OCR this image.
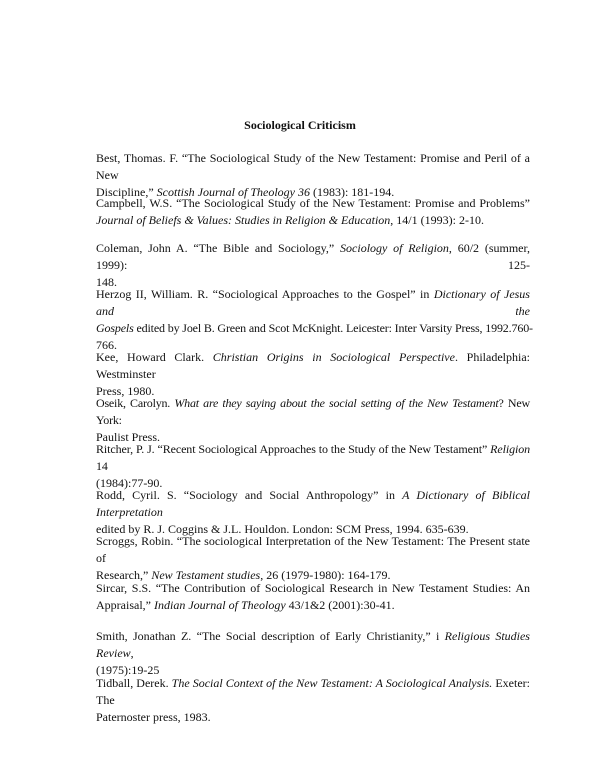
Sociological Criticism
Best, Thomas. F. “The Sociological Study of the New Testament: Promise and Peril of a New
Discipline,” Scottish Journal of Theology 36 (1983): 181-194.
Campbell, W.S. “The Sociological Study of the New Testament: Promise and Problems”
Journal of Beliefs & Values: Studies in Religion & Education, 14/1 (1993): 2-10.
Coleman, John A. “The Bible and Sociology,” Sociology of Religion, 60/2 (summer, 1999): 125-
148.
Herzog II, William. R. “Sociological Approaches to the Gospel” in Dictionary of Jesus and the
Gospels edited by Joel B. Green and Scot McKnight. Leicester: Inter Varsity Press, 1992.760-
766.
Kee, Howard Clark. Christian Origins in Sociological Perspective. Philadelphia: Westminster
Press, 1980.
Oseik, Carolyn. What are they saying about the social setting of the New Testament? New York:
Paulist Press.
Ritcher, P. J. “Recent Sociological Approaches to the Study of the New Testament” Religion 14
(1984):77-90.
Rodd, Cyril. S. “Sociology and Social Anthropology” in A Dictionary of Biblical Interpretation
edited by R. J. Coggins & J.L. Houldon. London: SCM Press, 1994. 635-639.
Scroggs, Robin. “The sociological Interpretation of the New Testament: The Present state of
Research,” New Testament studies, 26 (1979-1980): 164-179.
Sircar, S.S. “The Contribution of Sociological Research in New Testament Studies: An
Appraisal,” Indian Journal of Theology 43/1&2 (2001):30-41.
Smith, Jonathan Z. “The Social description of Early Christianity,” i Religious Studies Review,
(1975):19-25
Tidball, Derek. The Social Context of the New Testament: A Sociological Analysis. Exeter: The
Paternoster press, 1983.
